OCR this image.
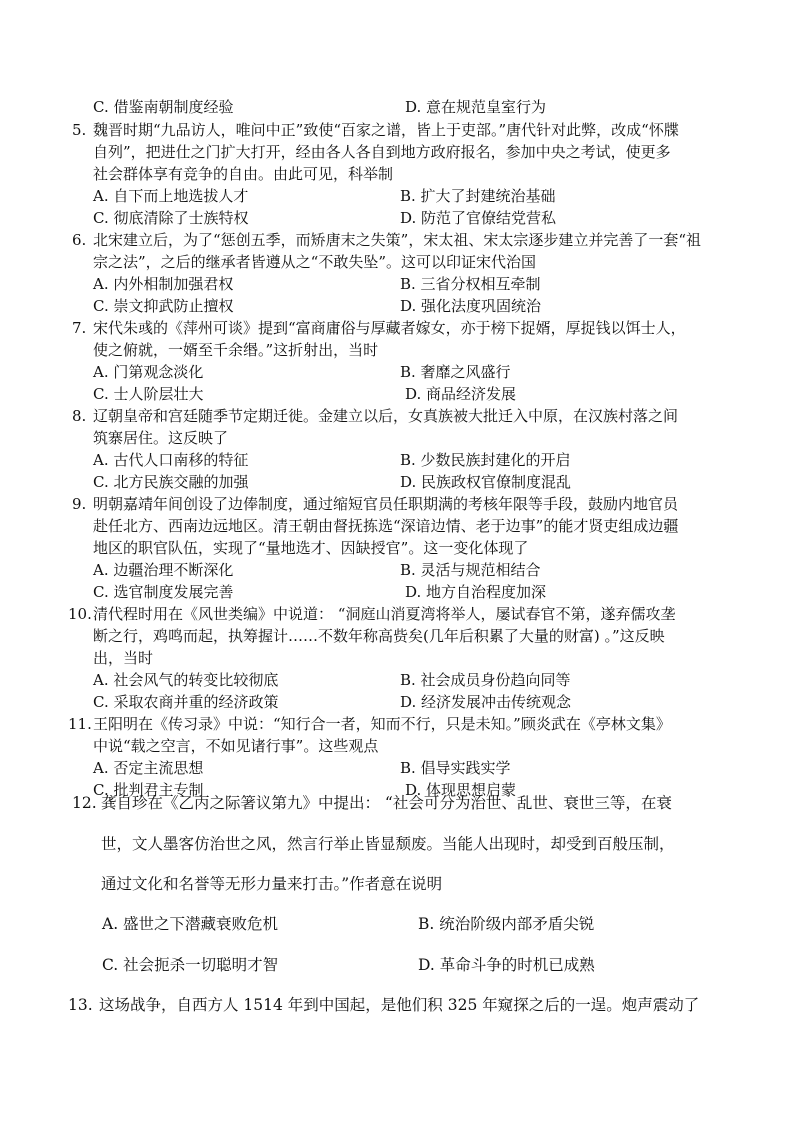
C. 借鉴南朝制度经验	D. 意在规范皇室行为
5. 魏晋时期“九品访人，唯问中正”致使“百家之谱，皆上于吏部。”唐代针对此弊，改成“怀牒
自列”，把进仕之门扩大打开，经由各人各自到地方政府报名，参加中央之考试，使更多
社会群体享有竞争的自由。由此可见，科举制
A. 自下而上地选拔人才	B. 扩大了封建统治基础
C. 彻底清除了士族特权	D. 防范了官僚结党营私
6. 北宋建立后，为了“惩创五季，而矫唐末之失策”，宋太祖、宋太宗逐步建立并完善了一套“祖
宗之法”，之后的继承者皆遵从之“不敢失坠”。这可以印证宋代治国
A. 内外相制加强君权	B. 三省分权相互牵制
C. 崇文抑武防止擅权	D. 强化法度巩固统治
7. 宋代朱彧的《萍州可谈》提到“富商庸俗与厚藏者嫁女，亦于榜下捉婿，厚捉钱以饵士人，
使之俯就，一婿至千余缗。”这折射出，当时
A. 门第观念淡化	B. 奢靡之风盛行
C. 士人阶层壮大	D. 商品经济发展
8. 辽朝皇帝和宫廷随季节定期迁徙。金建立以后，女真族被大批迁入中原，在汉族村落之间
筑寨居住。这反映了
A. 古代人口南移的特征	B. 少数民族封建化的开启
C. 北方民族交融的加强	D. 民族政权官僚制度混乱
9. 明朝嘉靖年间创设了边俸制度，通过缩短官员任职期满的考核年限等手段，鼓励内地官员
赴任北方、西南边远地区。清王朝由督抚拣选“深谙边情、老于边事”的能才贤吏组成边疆
地区的职官队伍，实现了“量地选才、因缺授官”。这一变化体现了
A. 边疆治理不断深化	B. 灵活与规范相结合
C. 选官制度发展完善	D. 地方自治程度加深
10. 清代程时用在《风世类编》中说道： “洞庭山消夏湾将举人，屡试春官不第，遂弃儒攻垄
断之行，鸡鸣而起，执筹握计……不数年称高赀矣(几年后积累了大量的财富) 。”这反映
出，当时
A. 社会风气的转变比较彻底	B. 社会成员身份趋向同等
C. 采取农商并重的经济政策	D. 经济发展冲击传统观念
11. 王阳明在《传习录》中说：“知行合一者，知而不行，只是未知。”顾炎武在《亭林文集》
中说“载之空言，不如见诸行事”。这些观点
A. 否定主流思想	B. 倡导实践实学
C. 批判君主专制	D. 体现思想启蒙
12. 龚自珍在《乙丙之际箸议第九》中提出： “社会可分为治世、乱世、衰世三等，在衰
世，文人墨客仿治世之风，然言行举止皆显颓废。当能人出现时，却受到百般压制，
通过文化和名誉等无形力量来打击。”作者意在说明
A. 盛世之下潜藏衰败危机	B. 统治阶级内部矛盾尖锐
C. 社会扼杀一切聪明才智	D. 革命斗争的时机已成熟
13. 这场战争，自西方人 1514 年到中国起，是他们积 325 年窥探之后的一逞。炮声震动了
